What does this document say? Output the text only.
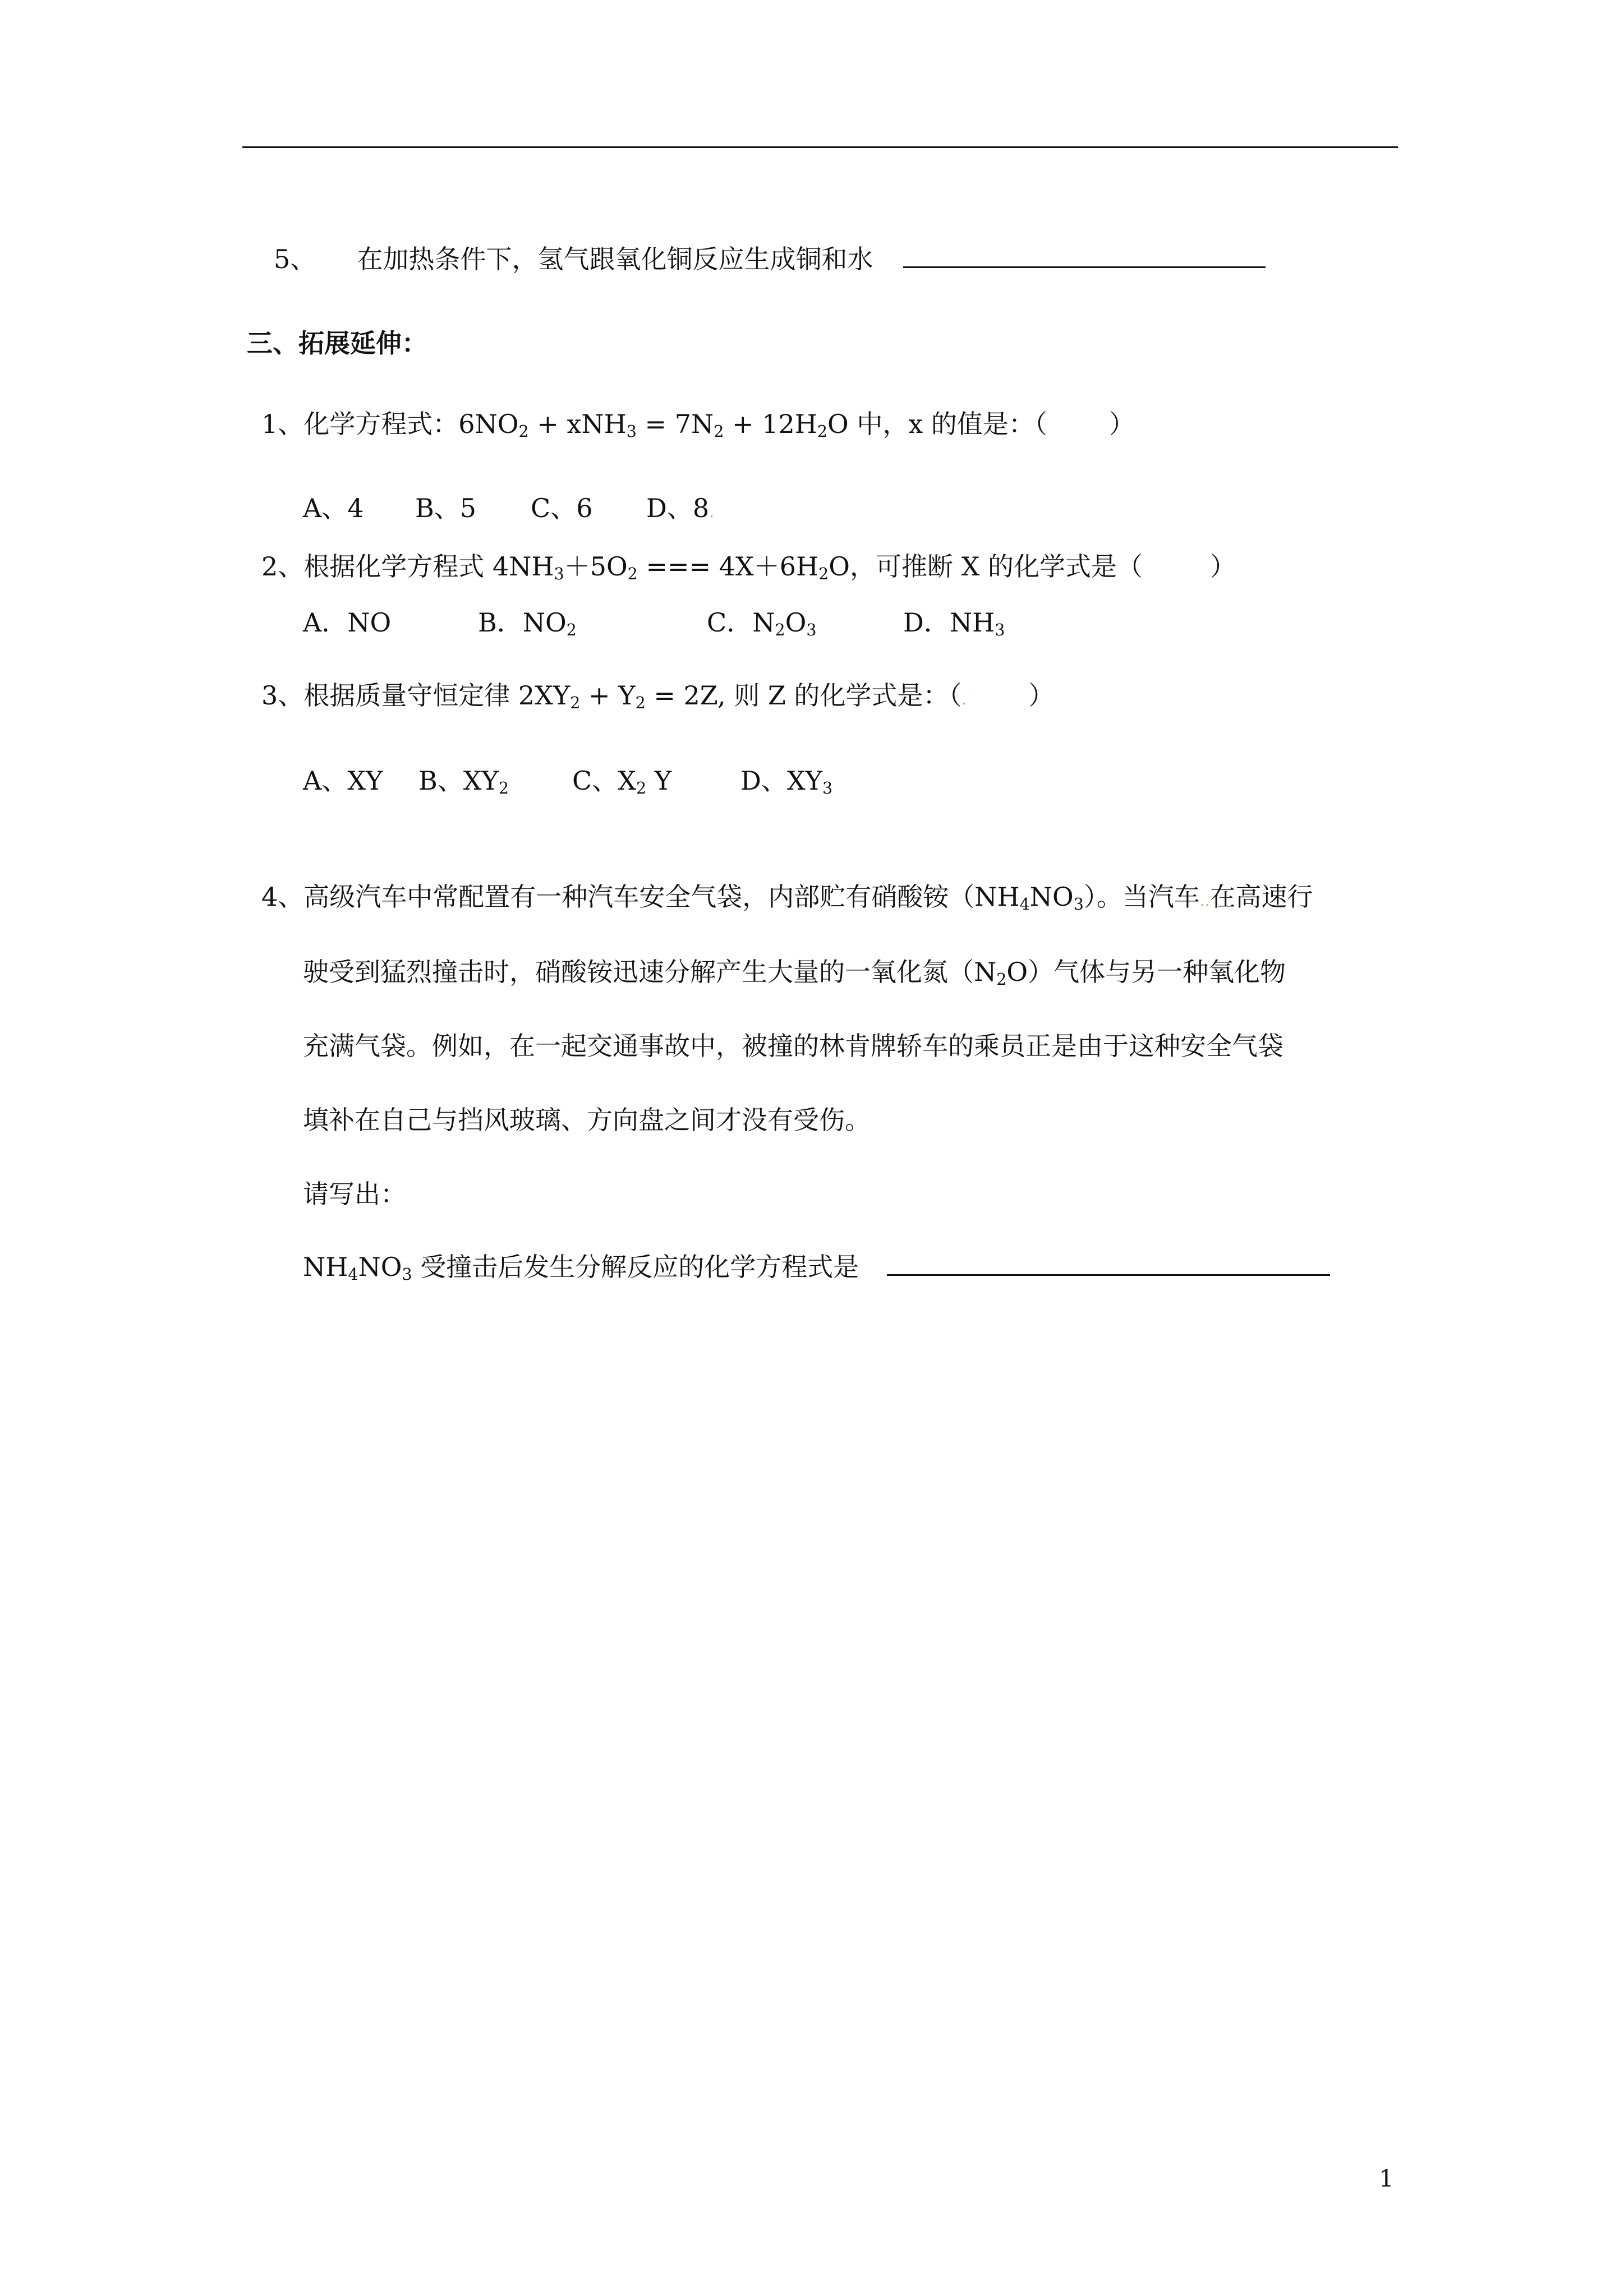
5、 在加热条件下，氢气跟氧化铜反应生成铜和水
三、拓展延伸：
1、化学方程式：$6NO_2 + xNH_3 = 7N_2 + 12H_2O$ 中，x 的值是：（ ）
A、4 B、5 C、6 D、8.
2、根据化学方程式 $4NH_3+5O_2$ === $4X+6H_2O$，可推断 X 的化学式是（	）
A．NO	B．$NO_2$	C．$N_2O_3$	D．$NH_3$
3、根据质量守恒定律 $2XY_2 + Y_2 = 2Z$, 则 Z 的化学式是：（. ）
A、XY B、$XY_2$ C、$X_2$ Y	D、$XY_3$
4、高级汽车中常配置有一种汽车安全气袋，内部贮有硝酸铵$(NH_4NO_3)$。当汽车..在高速行
驶受到猛烈撞击时，硝酸铵迅速分解产生大量的一氧化氮$(N_2O)$气体与另一种氧化物
充满气袋。例如，在一起交通事故中，被撞的林肯牌轿车的乘员正是由于这种安全气袋
填补在自己与挡风玻璃、方向盘之间才没有受伤。
请写出：
$NH_4NO_3$ 受撞击后发生分解反应的化学方程式是
1
